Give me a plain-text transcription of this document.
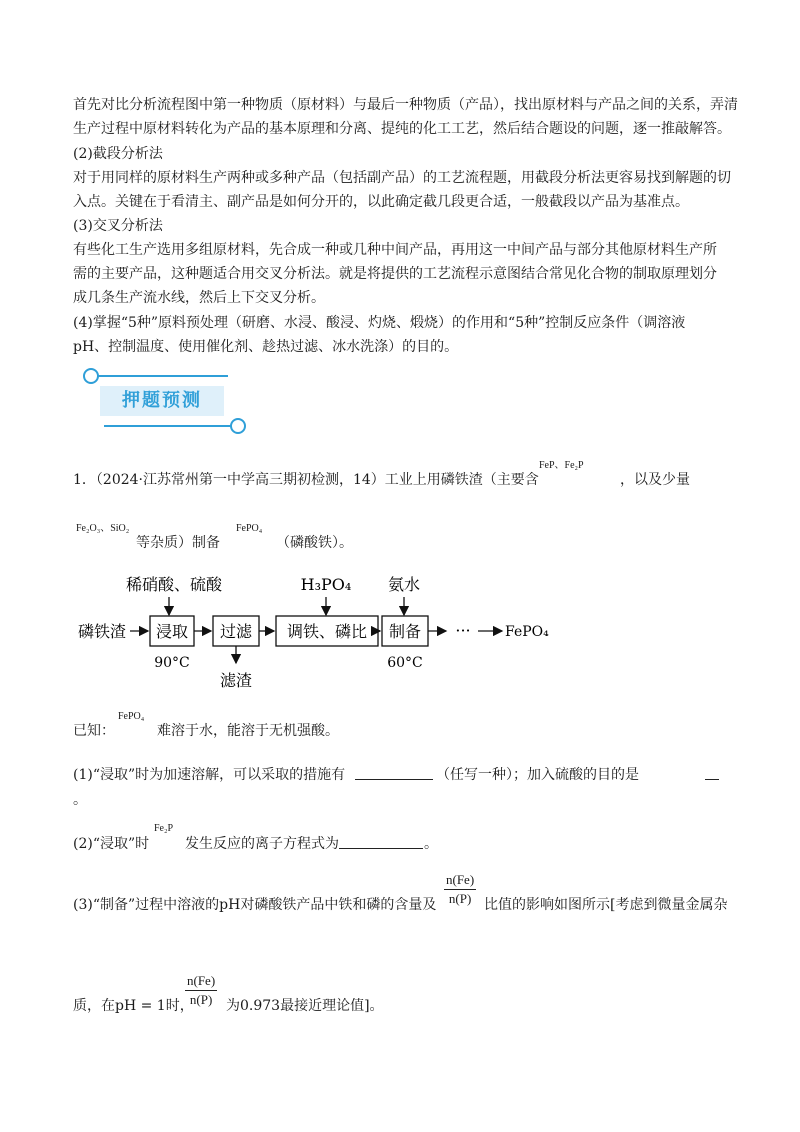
首先对比分析流程图中第一种物质（原材料）与最后一种物质（产品），找出原材料与产品之间的关系，弄清

生产过程中原材料转化为产品的基本原理和分离、提纯的化工工艺，然后结合题设的问题，逐一推敲解答。

(2)截段分析法

对于用同样的原材料生产两种或多种产品（包括副产品）的工艺流程题，用截段分析法更容易找到解题的切

入点。关键在于看清主、副产品是如何分开的，以此确定截几段更合适，一般截段以产品为基准点。

(3)交叉分析法

有些化工生产选用多组原材料，先合成一种或几种中间产品，再用这一中间产品与部分其他原材料生产所

需的主要产品，这种题适合用交叉分析法。就是将提供的工艺流程示意图结合常见化合物的制取原理划分

成几条生产流水线，然后上下交叉分析。

(4)掌握“5种”原料预处理（研磨、水浸、酸浸、灼烧、煅烧）的作用和“5种”控制反应条件（调溶液

pH、控制温度、使用催化剂、趁热过滤、冰水洗涤）的目的。

押题预测
1．（2024·江苏常州第一中学高三期初检测，14）工业上用磷铁渣（主要含
FeP、Fe₂P
，以及少量
Fe₂O₃、SiO₂
等杂质）制备
FePO₄
（磷酸铁）。
稀硝酸、硫酸	H₃PO₄ 氨水
磷铁渣 浸取 过滤 调铁、磷比 制备 ··· FePO₄
90°C	60°C
滤渣
已知：
FePO₄
难溶于水，能溶于无机强酸。
(1)“浸取”时为加速溶解，可以采取的措施有	（任写一种）；加入硫酸的目的是
。
(2)“浸取”时
Fe₂P
发生反应的离子方程式为	。
(3)“制备”过程中溶液的pH对磷酸铁产品中铁和磷的含量及
n(Fe)
n(P) 比值的影响如图所示[考虑到微量金属杂
质，在pH = 1时，
n(Fe)
n(P) 为0.973最接近理论值]。
